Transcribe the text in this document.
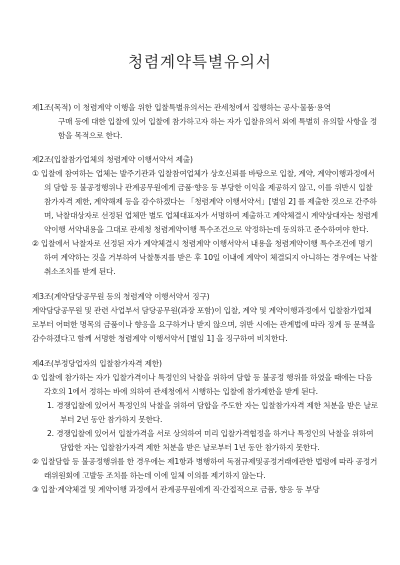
청렴계약특별유의서

제1조(목적) 이 청렴계약 이행을 위한 입찰특별유의서는 관세청에서 집행하는 공사·물품·용역

구매 등에 대한 입찰에 있어 입찰에 참가하고자 하는 자가 입찰유의서 외에 특별히 유의할 사항을 정함을 목적으로 한다.

제2조(입찰참가업체의 청렴계약 이행서약서 제출)

① 입찰에 참여하는 업체는 발주기관과 입찰참여업체가 상호신뢰를 바탕으로 입찰, 계약, 계약이행과정에서의 담합 등 불공정행위나 관계공무원에게 금품·향응 등 부당한 이익을 제공하지 않고, 이를 위반시 입찰참가자격 제한, 계약해제 등을 감수하겠다는 「청렴계약 이행서약서」[별임 2] 를 제출한 것으로 간주하며, 낙찰대상자로 선정된 업체만 별도 업체대표자가 서명하여 제출하고 계약체결시 계약상대자는 청렴계약이행 서약내용을 그대로 관세청 청렴계약이행 특수조건으로 약정하는데 동의하고 준수하여야 한다.

② 입찰에서 낙찰자로 선정된 자가 계약체결시 청렴계약 이행서약서 내용을 청렴계약이행 특수조건에 명기하여 계약하는 것을 거부하여 낙찰통지를 받은 후 10일 이내에 계약이 체결되지 아니하는 경우에는 낙찰 취소조치를 받게 된다.

제3조(계약담당공무원 등의 청렴계약 이행서약서 징구)

계약담당공무원 및 관련 사업부서 담당공무원(과장 포함)이 입찰, 계약 및 계약이행과정에서 입찰참가업체로부터 어떠한 명목의 금품이나 향응을 요구하거나 받지 않으며, 위반 시에는 관계법에 따라 징계 등 문책을 감수하겠다고 함께 서명한 청렴계약 이행서약서 [별임 1] 을 징구하여 비치한다.

제4조(부정당업자의 입찰참가자격 제한)

① 입찰에 참가하는 자가 입찰가격이나 특정인의 낙찰을 위하여 담합 등 불공정 행위를 하였을 때에는 다음 각호의 1에서 정하는 바에 의하여 관세청에서 시행하는 입찰에 참가제한을 받게 된다.

1. 경쟁입찰에 있어서 특정인의 낙찰을 위하여 담합을 주도한 자는 입찰참가자격 제한 처분을 받은 날로부터 2년 동안 참가하지 못한다.

2. 경쟁입찰에 있어서 입찰가격을 서로 상의하여 미리 입찰가격협정을 하거나 특정인의 낙찰을 위하여 담합한 자는 입찰참가자격 제한 처분을 받은 날로부터 1년 동안 참가하지 못한다.

② 입찰담합 등 불공정행위를 한 경우에는 제1항과 병행하여 독점규제및공정거래에관한 법령에 따라 공정거래위원회에 고발등 조치를 하는데 이에 일체 이의를 제기하지 않는다.

③ 입찰·계약체결 및 계약이행 과정에서 관계공무원에게 직·간접적으로 금품, 향응 등 부당
